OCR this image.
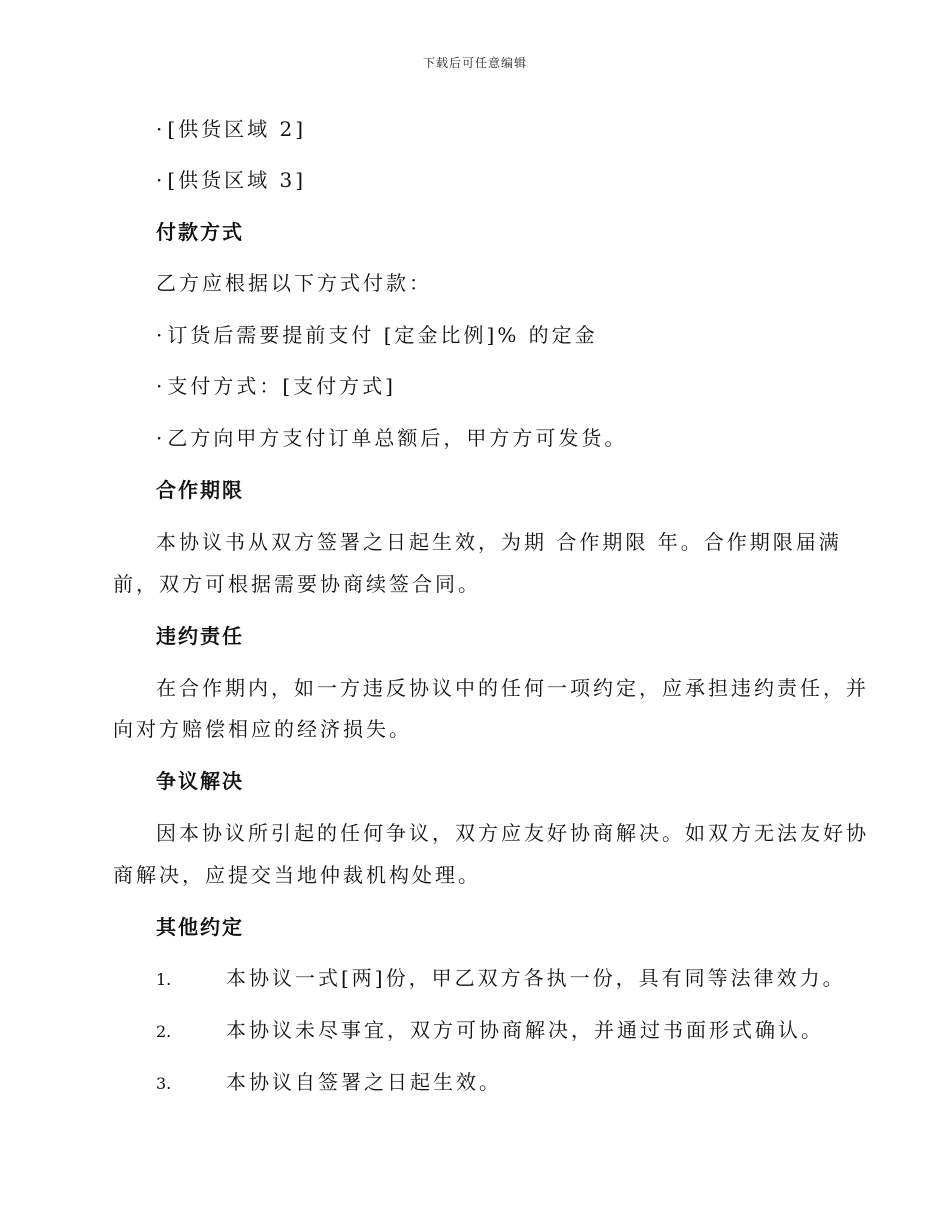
下载后可任意编辑
· [供货区域 2]
· [供货区域 3]
付款方式
乙方应根据以下方式付款：
· 订货后需要提前支付 [定金比例]% 的定金
· 支付方式：[支付方式]
· 乙方向甲方支付订单总额后，甲方方可发货。
合作期限
本协议书从双方签署之日起生效，为期 合作期限 年。合作期限届满
前，双方可根据需要协商续签合同。
违约责任
在合作期内，如一方违反协议中的任何一项约定，应承担违约责任，并
向对方赔偿相应的经济损失。
争议解决
因本协议所引起的任何争议，双方应友好协商解决。如双方无法友好协
商解决，应提交当地仲裁机构处理。
其他约定
1.	本协议一式[两]份，甲乙双方各执一份，具有同等法律效力。
2.	本协议未尽事宜，双方可协商解决，并通过书面形式确认。
3.	本协议自签署之日起生效。
